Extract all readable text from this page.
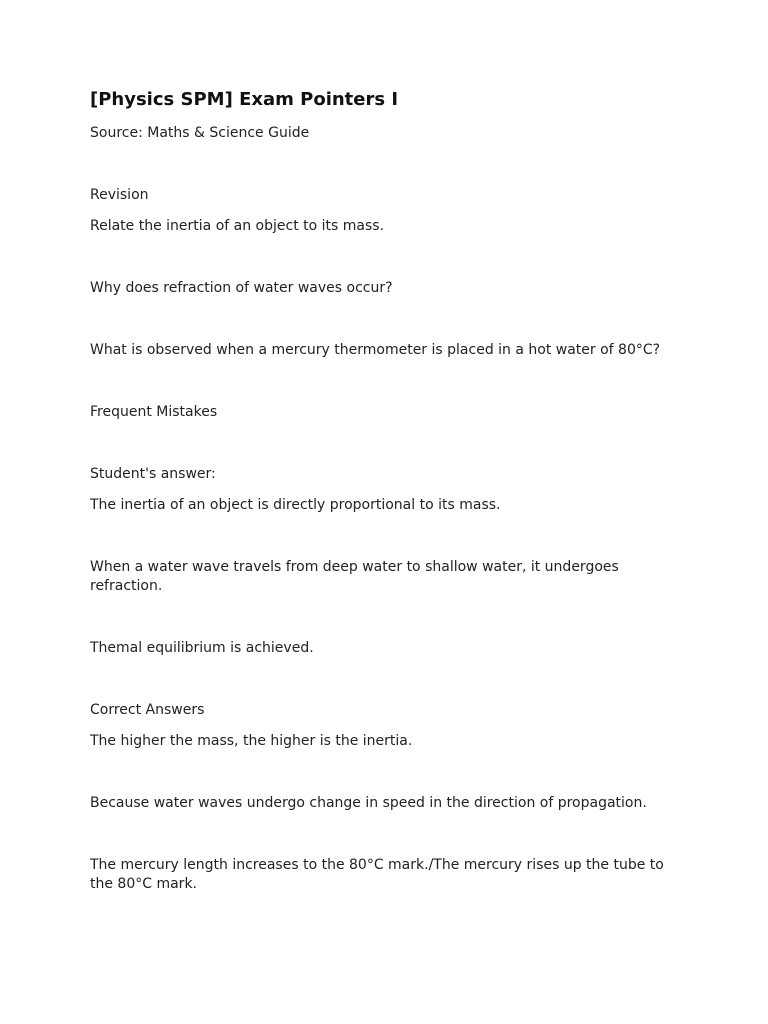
[Physics SPM] Exam Pointers I
Source: Maths & Science Guide
Revision
Relate the inertia of an object to its mass.
Why does refraction of water waves occur?
What is observed when a mercury thermometer is placed in a hot water of 80°C?
Frequent Mistakes
Student's answer:
The inertia of an object is directly proportional to its mass.
When a water wave travels from deep water to shallow water, it undergoes refraction.
Themal equilibrium is achieved.
Correct Answers
The higher the mass, the higher is the inertia.
Because water waves undergo change in speed in the direction of propagation.
The mercury length increases to the 80°C mark./The mercury rises up the tube to the 80°C mark.
